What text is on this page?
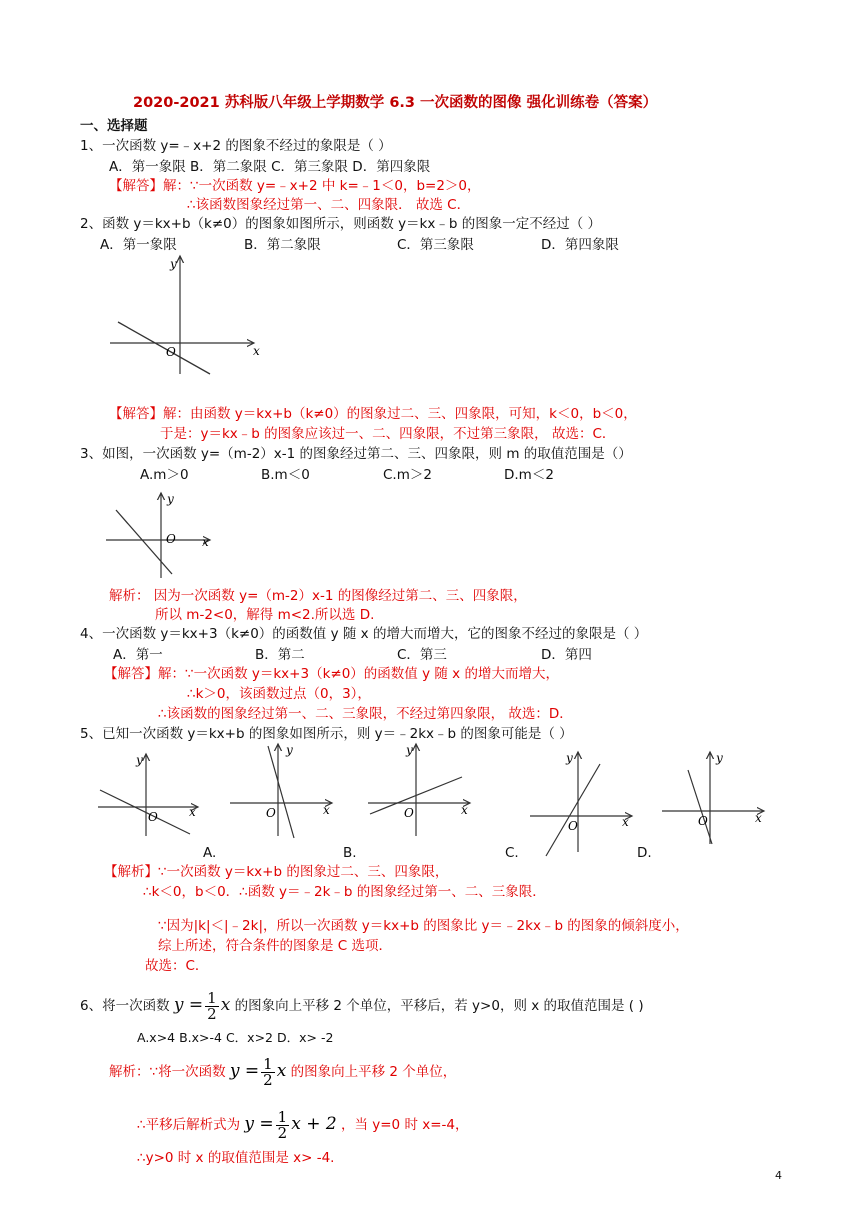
2020-2021 苏科版八年级上学期数学 6.3 一次函数的图像 强化训练卷（答案）
一、选择题
1、一次函数 y=﹣x+2 的图象不经过的象限是（ ）
A．第一象限 B．第二象限 C．第三象限 D．第四象限
【解答】解：∵一次函数 y=﹣x+2 中 k=﹣1＜0，b=2＞0，
∴该函数图象经过第一、二、四象限． 故选 C．
2、函数 y＝kx+b（k≠0）的图象如图所示，则函数 y＝kx﹣b 的图象一定不经过（ ）
A．第一象限	B．第二象限	C．第三象限	D．第四象限
y
x
O
【解答】解：由函数 y＝kx+b（k≠0）的图象过二、三、四象限，可知，k＜0，b＜0，
于是：y＝kx﹣b 的图象应该过一、二、四象限，不过第三象限， 故选：C．
3、如图，一次函数 y=（m-2）x-1 的图象经过第二、三、四象限，则 m 的取值范围是（）
A.m＞0	B.m＜0	C.m＞2	D.m＜2
y
x
O
解析： 因为一次函数 y=（m-2）x-1 的图像经过第二、三、四象限，
所以 m-2<0，解得 m<2.所以选 D.
4、一次函数 y＝kx+3（k≠0）的函数值 y 随 x 的增大而增大，它的图象不经过的象限是（ ）
A．第一	B．第二	C．第三	D．第四
【解答】解：∵一次函数 y＝kx+3（k≠0）的函数值 y 随 x 的增大而增大，
∴k＞0，该函数过点（0，3），
∴该函数的图象经过第一、二、三象限，不经过第四象限， 故选：D．
5、已知一次函数 y＝kx+b 的图象如图所示，则 y＝﹣2kx﹣b 的图象可能是（ ）
y
x
O
y
x
O
y
x
O
y
x
O
y
x
O
A.	B.	C.	D.
【解析】∵一次函数 y＝kx+b 的图象过二、三、四象限，
∴k＜0，b＜0．∴函数 y＝﹣2k﹣b 的图象经过第一、二、三象限．
∵因为|k|＜|﹣2k|，所以一次函数 y＝kx+b 的图象比 y＝﹣2kx﹣b 的图象的倾斜度小，
综上所述，符合条件的图象是 C 选项．
故选：C．
6、将一次函数 $y = \frac{1}{2}$ x 的图象向上平移 2 个单位，平移后，若 y>0，则 x 的取值范围是 ( )
A.x>4 B.x>-4 C．x>2 D．x> -2
解析：∵将一次函数 $y = \frac{1}{2}$ x 的图象向上平移 2 个单位，
∴平移后解析式为 $y = \frac{1}{2}$ x + 2 ，当 y=0 时 x=-4，
∴y>0 时 x 的取值范围是 x> -4.
4
